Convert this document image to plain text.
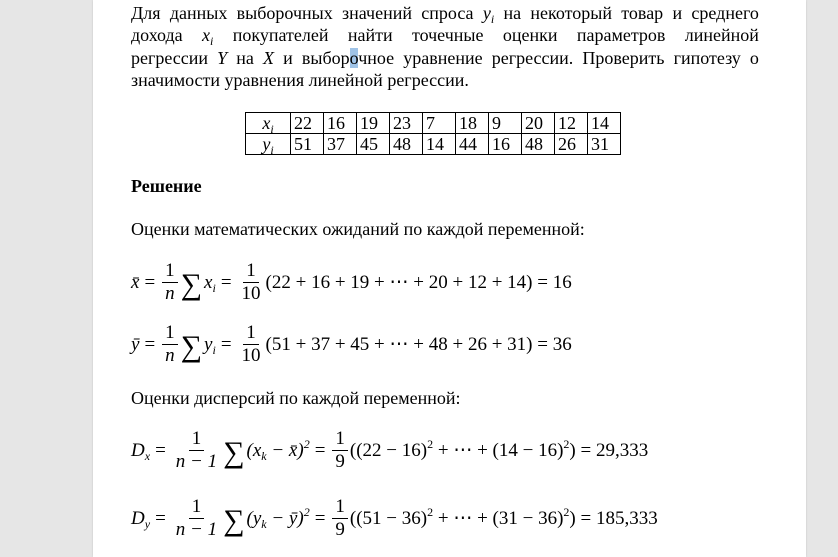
Для данных выборочных значений спроса $y_i$ на некоторый товар и среднего
дохода $x_i$ покупателей найти точечные оценки параметров линейной
регрессии Y на X и выборочное уравнение регрессии. Проверить гипотезу о
значимости уравнения линейной регрессии.
$x_i$	22	16	19	23	7	18	9	20	12	14
$y_i$	51	37	45	48	14	44	16	48	26	31
Решение
Оценки математических ожиданий по каждой переменной:
x̄ = $\frac{1}{n}$ ∑ $x_i = \frac{1}{10} (22 + 16 + 19$ + ⋯ + 20 + 12 + 14) = 16
ȳ = $\frac{1}{n}$ ∑ $y_i = \frac{1}{10} (51 + 37 + 45$ + ⋯ + 48 + 26 + 31) = 36
Оценки дисперсий по каждой переменной:
$D_x = \frac{1}{n - 1}$ ∑ ($x_k$ − x̄)$^2$ = $\frac{1}{9} ((22 - 16)^2$ + ⋯ + $(14 - 16)^2) = 29,333$
$D_y = \frac{1}{n - 1}$ ∑ ($y_k$ − ȳ)$^2$ = $\frac{1}{9} ((51 - 36)^2$ + ⋯ + $(31 - 36)^2) = 185,333$
